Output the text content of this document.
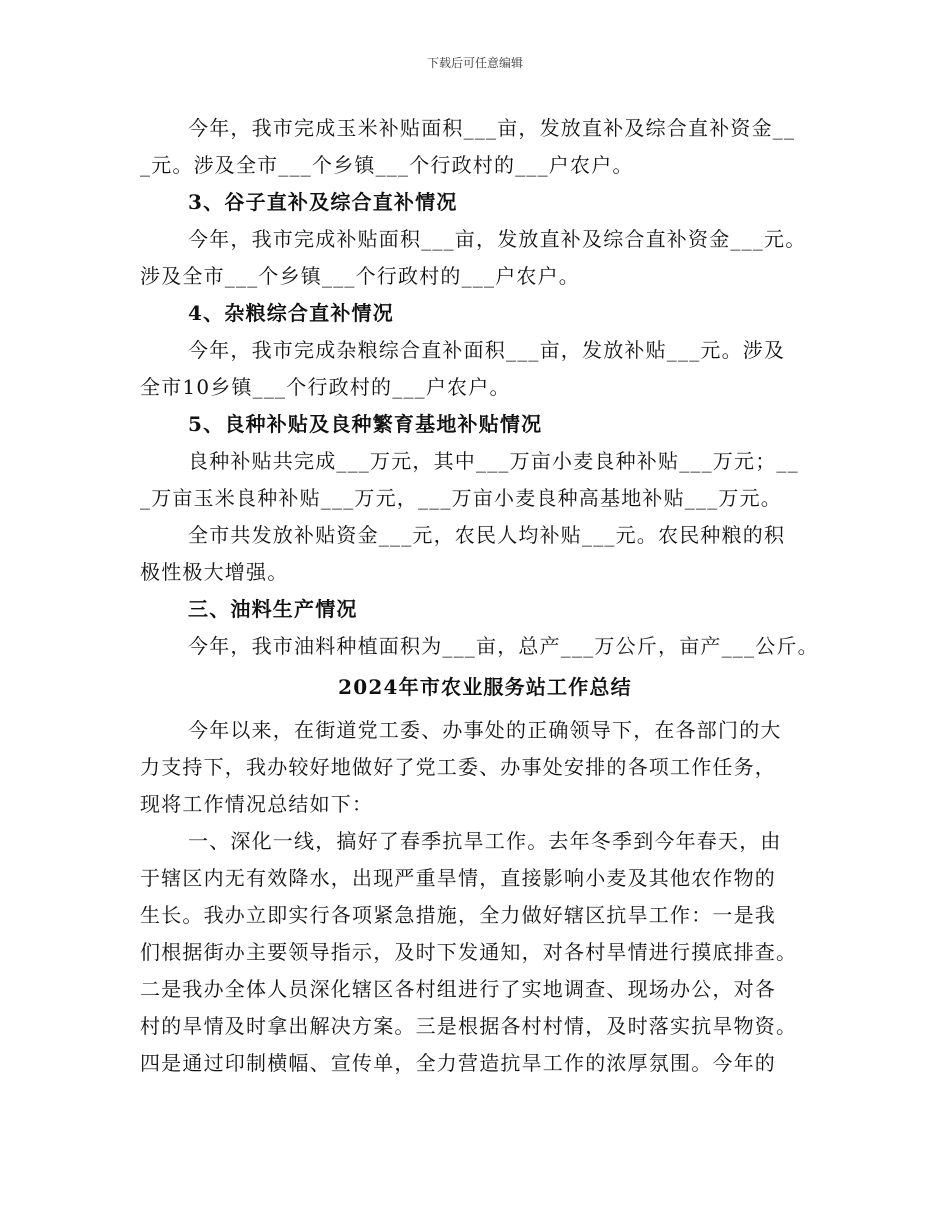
下载后可任意编辑
今年，我市完成玉米补贴面积___亩，发放直补及综合直补资金__
_元。涉及全市___个乡镇___个行政村的___户农户。
3、谷子直补及综合直补情况
今年，我市完成补贴面积___亩，发放直补及综合直补资金___元。
涉及全市___个乡镇___个行政村的___户农户。
4、杂粮综合直补情况
今年，我市完成杂粮综合直补面积___亩，发放补贴___元。涉及
全市10乡镇___个行政村的___户农户。
5、良种补贴及良种繁育基地补贴情况
良种补贴共完成___万元，其中___万亩小麦良种补贴___万元；__
_万亩玉米良种补贴___万元，___万亩小麦良种高基地补贴___万元。
全市共发放补贴资金___元，农民人均补贴___元。农民种粮的积
极性极大增强。
三、油料生产情况
今年，我市油料种植面积为___亩，总产___万公斤，亩产___公斤。
2024年市农业服务站工作总结
今年以来，在街道党工委、办事处的正确领导下，在各部门的大
力支持下，我办较好地做好了党工委、办事处安排的各项工作任务，
现将工作情况总结如下：
一、深化一线，搞好了春季抗旱工作。去年冬季到今年春天，由
于辖区内无有效降水，出现严重旱情，直接影响小麦及其他农作物的
生长。我办立即实行各项紧急措施，全力做好辖区抗旱工作：一是我
们根据街办主要领导指示，及时下发通知，对各村旱情进行摸底排查。
二是我办全体人员深化辖区各村组进行了实地调查、现场办公，对各
村的旱情及时拿出解决方案。三是根据各村村情，及时落实抗旱物资。
四是通过印制横幅、宣传单，全力营造抗旱工作的浓厚氛围。今年的
